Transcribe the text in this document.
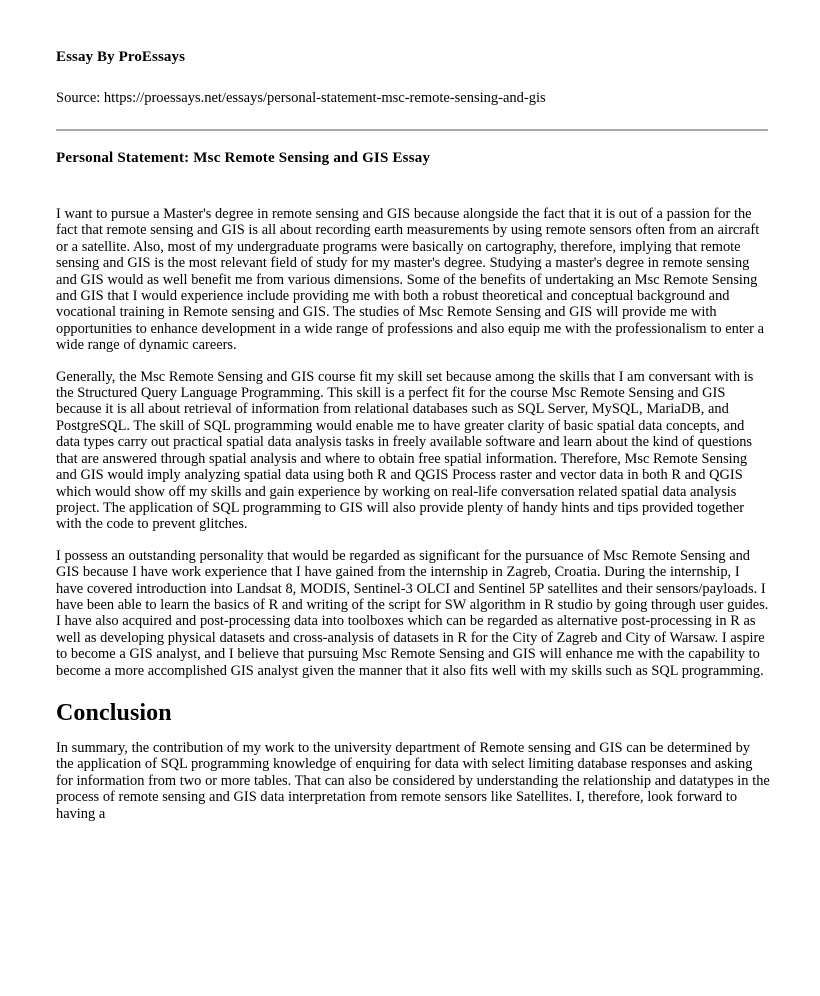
Essay By ProEssays
Source: https://proessays.net/essays/personal-statement-msc-remote-sensing-and-gis
Personal Statement: Msc Remote Sensing and GIS Essay

I want to pursue a Master's degree in remote sensing and GIS because alongside the fact that it is out of a passion for the fact that remote sensing and GIS is all about recording earth measurements by using remote sensors often from an aircraft or a satellite. Also, most of my undergraduate programs were basically on cartography, therefore, implying that remote sensing and GIS is the most relevant field of study for my master's degree. Studying a master's degree in remote sensing and GIS would as well benefit me from various dimensions. Some of the benefits of undertaking an Msc Remote Sensing and GIS that I would experience include providing me with both a robust theoretical and conceptual background and vocational training in Remote sensing and GIS. The studies of Msc Remote Sensing and GIS will provide me with opportunities to enhance development in a wide range of professions and also equip me with the professionalism to enter a wide range of dynamic careers.

Generally, the Msc Remote Sensing and GIS course fit my skill set because among the skills that I am conversant with is the Structured Query Language Programming. This skill is a perfect fit for the course Msc Remote Sensing and GIS because it is all about retrieval of information from relational databases such as SQL Server, MySQL, MariaDB, and PostgreSQL. The skill of SQL programming would enable me to have greater clarity of basic spatial data concepts, and data types carry out practical spatial data analysis tasks in freely available software and learn about the kind of questions that are answered through spatial analysis and where to obtain free spatial information. Therefore, Msc Remote Sensing and GIS would imply analyzing spatial data using both R and QGIS Process raster and vector data in both R and QGIS which would show off my skills and gain experience by working on real-life conversation related spatial data analysis project. The application of SQL programming to GIS will also provide plenty of handy hints and tips provided together with the code to prevent glitches.

I possess an outstanding personality that would be regarded as significant for the pursuance of Msc Remote Sensing and GIS because I have work experience that I have gained from the internship in Zagreb, Croatia. During the internship, I have covered introduction into Landsat 8, MODIS, Sentinel-3 OLCI and Sentinel 5P satellites and their sensors/payloads. I have been able to learn the basics of R and writing of the script for SW algorithm in R studio by going through user guides. I have also acquired and post-processing data into toolboxes which can be regarded as alternative post-processing in R as well as developing physical datasets and cross-analysis of datasets in R for the City of Zagreb and City of Warsaw. I aspire to become a GIS analyst, and I believe that pursuing Msc Remote Sensing and GIS will enhance me with the capability to become a more accomplished GIS analyst given the manner that it also fits well with my skills such as SQL programming.

Conclusion

In summary, the contribution of my work to the university department of Remote sensing and GIS can be determined by the application of SQL programming knowledge of enquiring for data with select limiting database responses and asking for information from two or more tables. That can also be considered by understanding the relationship and datatypes in the process of remote sensing and GIS data interpretation from remote sensors like Satellites. I, therefore, look forward to having a
